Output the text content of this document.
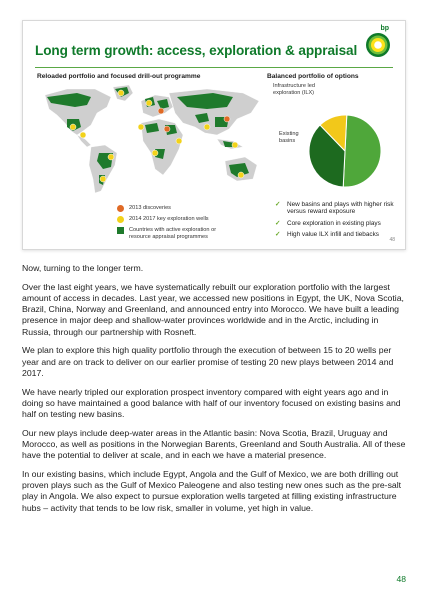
Long term growth: access, exploration & appraisal
bp
Reloaded portfolio and focused drill-out programme	Balanced portfolio of options
2013 discoveries
2014 2017 key exploration wells
Countries with active exploration or resource appraisal programmes
Infrastructure led exploration (ILX)
Existing basins
✓ New basins and plays with higher risk versus reward exposure
✓ Core exploration in existing plays
✓ High value ILX infill and tiebacks
48

Now, turning to the longer term.

Over the last eight years, we have systematically rebuilt our exploration portfolio with the largest amount of access in decades. Last year, we accessed new positions in Egypt, the UK, Nova Scotia, Brazil, China, Norway and Greenland, and announced entry into Morocco. We have built a leading presence in major deep and shallow-water provinces worldwide and in the Arctic, including in Russia, through our partnership with Rosneft.

We plan to explore this high quality portfolio through the execution of between 15 to 20 wells per year and are on track to deliver on our earlier promise of testing 20 new plays between 2014 and 2017.

We have nearly tripled our exploration prospect inventory compared with eight years ago and in doing so have maintained a good balance with half of our inventory focused on existing basins and half on testing new basins.

Our new plays include deep-water areas in the Atlantic basin: Nova Scotia, Brazil, Uruguay and Morocco, as well as positions in the Norwegian Barents, Greenland and South Australia. All of these have the potential to deliver at scale, and in each we have a material presence.

In our existing basins, which include Egypt, Angola and the Gulf of Mexico, we are both drilling out proven plays such as the Gulf of Mexico Paleogene and also testing new ones such as the pre-salt play in Angola. We also expect to pursue exploration wells targeted at filling existing infrastructure hubs – activity that tends to be low risk, smaller in volume, yet high in value.

48
